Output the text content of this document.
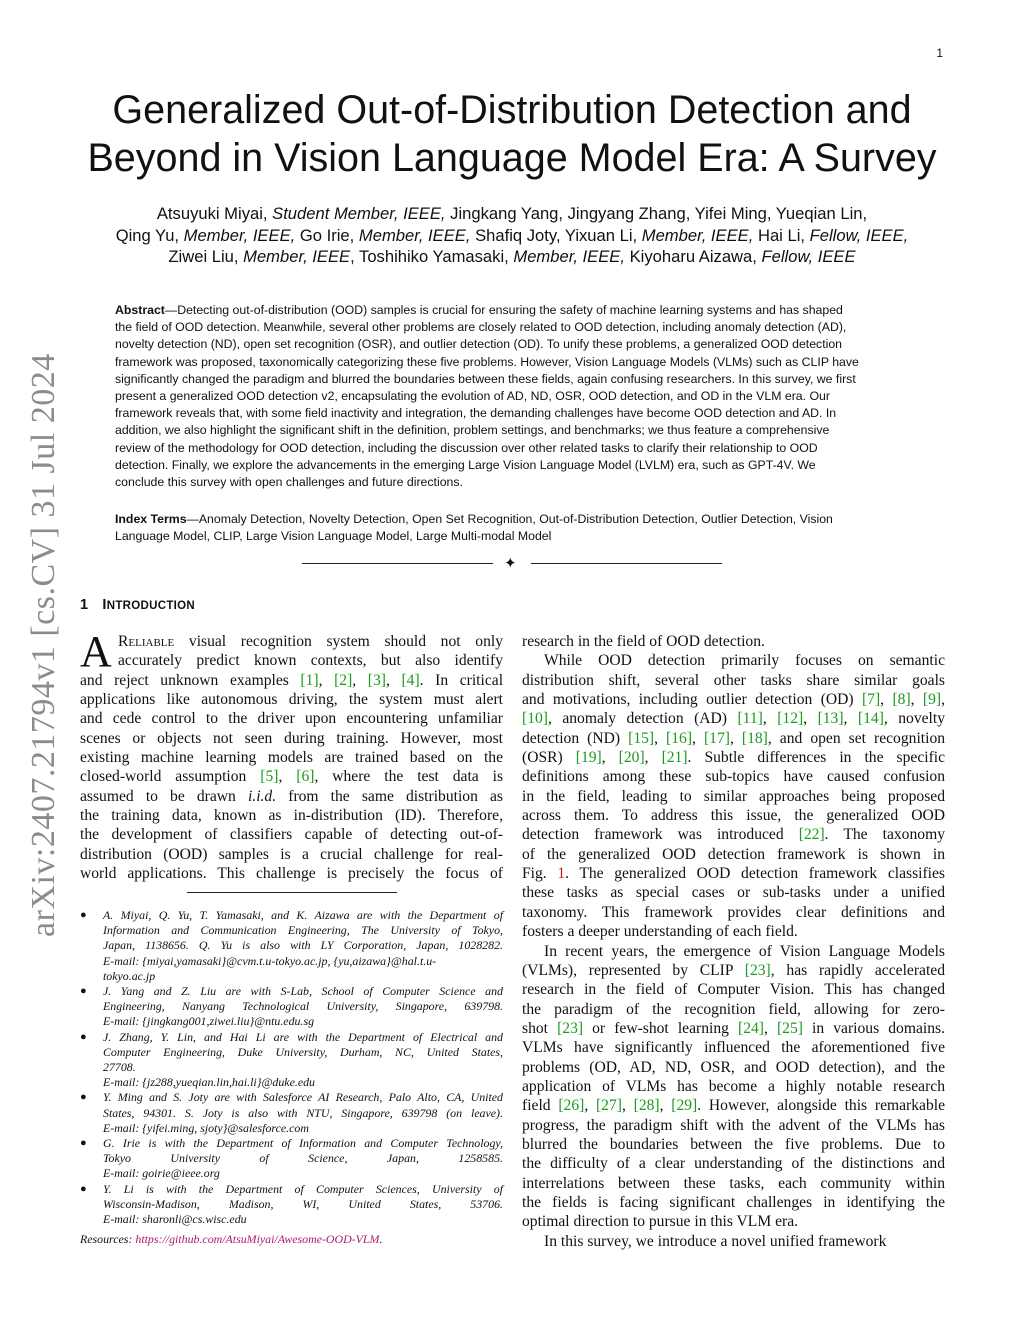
1
arXiv:2407.21794v1 [cs.CV] 31 Jul 2024
Generalized Out-of-Distribution Detection and
Beyond in Vision Language Model Era: A Survey
Atsuyuki Miyai, Student Member, IEEE, Jingkang Yang, Jingyang Zhang, Yifei Ming, Yueqian Lin,
Qing Yu, Member, IEEE, Go Irie, Member, IEEE, Shafiq Joty, Yixuan Li, Member, IEEE, Hai Li, Fellow, IEEE,
Ziwei Liu, Member, IEEE, Toshihiko Yamasaki, Member, IEEE, Kiyoharu Aizawa, Fellow, IEEE
Abstract—Detecting out-of-distribution (OOD) samples is crucial for ensuring the safety of machine learning systems and has shaped
the field of OOD detection. Meanwhile, several other problems are closely related to OOD detection, including anomaly detection (AD),
novelty detection (ND), open set recognition (OSR), and outlier detection (OD). To unify these problems, a generalized OOD detection
framework was proposed, taxonomically categorizing these five problems. However, Vision Language Models (VLMs) such as CLIP have
significantly changed the paradigm and blurred the boundaries between these fields, again confusing researchers. In this survey, we first
present a generalized OOD detection v2, encapsulating the evolution of AD, ND, OSR, OOD detection, and OD in the VLM era. Our
framework reveals that, with some field inactivity and integration, the demanding challenges have become OOD detection and AD. In
addition, we also highlight the significant shift in the definition, problem settings, and benchmarks; we thus feature a comprehensive
review of the methodology for OOD detection, including the discussion over other related tasks to clarify their relationship to OOD
detection. Finally, we explore the advancements in the emerging Large Vision Language Model (LVLM) era, such as GPT-4V. We
conclude this survey with open challenges and future directions.
Index Terms—Anomaly Detection, Novelty Detection, Open Set Recognition, Out-of-Distribution Detection, Outlier Detection, Vision
Language Model, CLIP, Large Vision Language Model, Large Multi-modal Model
✦
1 INTRODUCTION
A Reliable visual recognition system should not only
accurately predict known contexts, but also identify
and reject unknown examples [1], [2], [3], [4]. In critical
applications like autonomous driving, the system must alert
and cede control to the driver upon encountering unfamiliar
scenes or objects not seen during training. However, most
existing machine learning models are trained based on the
closed-world assumption [5], [6], where the test data is
assumed to be drawn i.i.d. from the same distribution as
the training data, known as in-distribution (ID). Therefore,
the development of classifiers capable of detecting out-of-
distribution (OOD) samples is a crucial challenge for real-
world applications. This challenge is precisely the focus of
research in the field of OOD detection.
While OOD detection primarily focuses on semantic
distribution shift, several other tasks share similar goals
and motivations, including outlier detection (OD) [7], [8], [9],
[10], anomaly detection (AD) [11], [12], [13], [14], novelty
detection (ND) [15], [16], [17], [18], and open set recognition
(OSR) [19], [20], [21]. Subtle differences in the specific
definitions among these sub-topics have caused confusion
in the field, leading to similar approaches being proposed
across them. To address this issue, the generalized OOD
detection framework was introduced [22]. The taxonomy
of the generalized OOD detection framework is shown in
Fig. 1. The generalized OOD detection framework classifies
these tasks as special cases or sub-tasks under a unified
taxonomy. This framework provides clear definitions and
fosters a deeper understanding of each field.
In recent years, the emergence of Vision Language Models
(VLMs), represented by CLIP [23], has rapidly accelerated
research in the field of Computer Vision. This has changed
the paradigm of the recognition field, allowing for zero-
shot [23] or few-shot learning [24], [25] in various domains.
VLMs have significantly influenced the aforementioned five
problems (OD, AD, ND, OSR, and OOD detection), and the
application of VLMs has become a highly notable research
field [26], [27], [28], [29]. However, alongside this remarkable
progress, the paradigm shift with the advent of the VLMs has
blurred the boundaries between the five problems. Due to
the difficulty of a clear understanding of the distinctions and
interrelations between these tasks, each community within
the fields is facing significant challenges in identifying the
optimal direction to pursue in this VLM era.
In this survey, we introduce a novel unified framework
● A. Miyai, Q. Yu, T. Yamasaki, and K. Aizawa are with the Department of
Information and Communication Engineering, The University of Tokyo,
Japan, 1138656. Q. Yu is also with LY Corporation, Japan, 1028282.
E-mail: {miyai,yamasaki}@cvm.t.u-tokyo.ac.jp, {yu,aizawa}@hal.t.u-
tokyo.ac.jp
● J. Yang and Z. Liu are with S-Lab, School of Computer Science and
Engineering, Nanyang Technological University, Singapore, 639798.
E-mail: {jingkang001,ziwei.liu}@ntu.edu.sg
● J. Zhang, Y. Lin, and Hai Li are with the Department of Electrical and
Computer Engineering, Duke University, Durham, NC, United States,
27708.
E-mail: {jz288,yueqian.lin,hai.li}@duke.edu
● Y. Ming and S. Joty are with Salesforce AI Research, Palo Alto, CA, United
States, 94301. S. Joty is also with NTU, Singapore, 639798 (on leave).
E-mail: {yifei.ming, sjoty}@salesforce.com
● G. Irie is with the Department of Information and Computer Technology,
Tokyo University of Science, Japan, 1258585.
E-mail: goirie@ieee.org
● Y. Li is with the Department of Computer Sciences, University of
Wisconsin-Madison, Madison, WI, United States, 53706.
E-mail: sharonli@cs.wisc.edu
Resources: https://github.com/AtsuMiyai/Awesome-OOD-VLM.
